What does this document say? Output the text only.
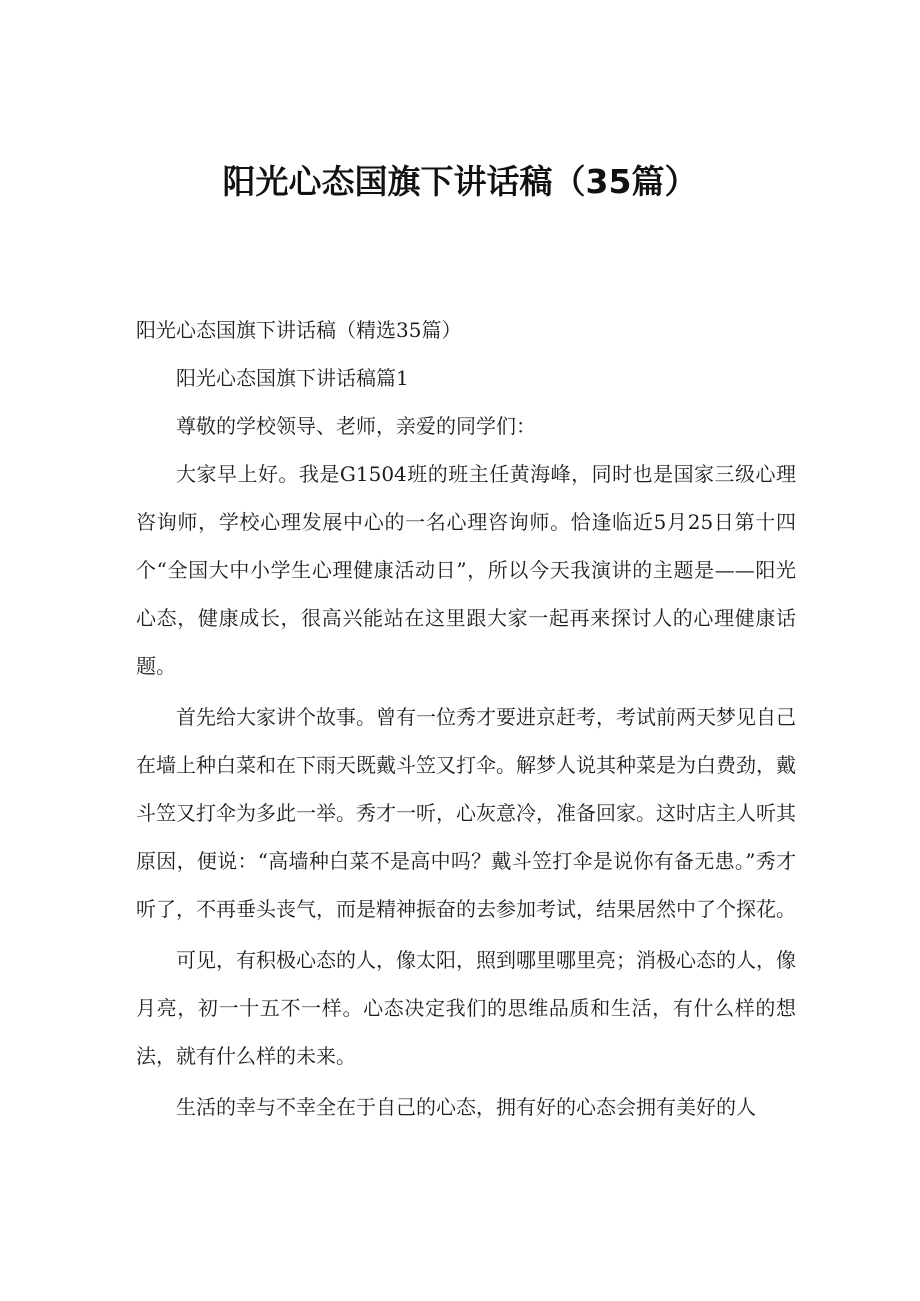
阳光心态国旗下讲话稿（35篇）

阳光心态国旗下讲话稿（精选35篇）

阳光心态国旗下讲话稿篇1

尊敬的学校领导、老师，亲爱的同学们：

大家早上好。我是G1504班的班主任黄海峰，同时也是国家三级心理咨询师，学校心理发展中心的一名心理咨询师。恰逢临近5月25日第十四个“全国大中小学生心理健康活动日”，所以今天我演讲的主题是——阳光心态，健康成长，很高兴能站在这里跟大家一起再来探讨人的心理健康话题。

首先给大家讲个故事。曾有一位秀才要进京赶考，考试前两天梦见自己在墙上种白菜和在下雨天既戴斗笠又打伞。解梦人说其种菜是为白费劲，戴斗笠又打伞为多此一举。秀才一听，心灰意冷，准备回家。这时店主人听其原因，便说：“高墙种白菜不是高中吗？戴斗笠打伞是说你有备无患。”秀才听了，不再垂头丧气，而是精神振奋的去参加考试，结果居然中了个探花。

可见，有积极心态的人，像太阳，照到哪里哪里亮；消极心态的人，像月亮，初一十五不一样。心态决定我们的思维品质和生活，有什么样的想法，就有什么样的未来。

生活的幸与不幸全在于自己的心态，拥有好的心态会拥有美好的人
